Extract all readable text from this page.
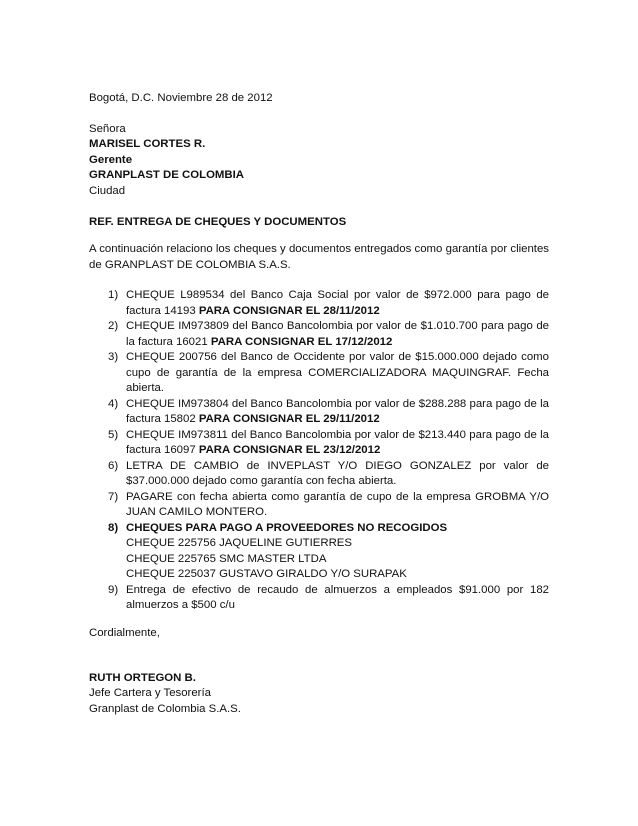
Bogotá, D.C. Noviembre 28 de 2012
Señora
MARISEL CORTES R.
Gerente
GRANPLAST DE COLOMBIA
Ciudad
REF. ENTREGA DE CHEQUES Y DOCUMENTOS
A continuación relaciono los cheques y documentos entregados como garantía por clientes de GRANPLAST DE COLOMBIA S.A.S.
1) CHEQUE L989534 del Banco Caja Social por valor de $972.000 para pago de factura 14193 PARA CONSIGNAR EL 28/11/2012
2) CHEQUE IM973809 del Banco Bancolombia por valor de $1.010.700 para pago de la factura 16021 PARA CONSIGNAR EL 17/12/2012
3) CHEQUE 200756 del Banco de Occidente por valor de $15.000.000 dejado como cupo de garantía de la empresa COMERCIALIZADORA MAQUINGRAF. Fecha abierta.
4) CHEQUE IM973804 del Banco Bancolombia por valor de $288.288 para pago de la factura 15802 PARA CONSIGNAR EL 29/11/2012
5) CHEQUE IM973811 del Banco Bancolombia por valor de $213.440 para pago de la factura 16097 PARA CONSIGNAR EL 23/12/2012
6) LETRA DE CAMBIO de INVEPLAST Y/O DIEGO GONZALEZ por valor de $37.000.000 dejado como garantía con fecha abierta.
7) PAGARE con fecha abierta como garantía de cupo de la empresa GROBMA Y/O JUAN CAMILO MONTERO.
8) CHEQUES PARA PAGO A PROVEEDORES NO RECOGIDOS
CHEQUE 225756 JAQUELINE GUTIERRES
CHEQUE 225765 SMC MASTER LTDA
CHEQUE 225037 GUSTAVO GIRALDO Y/O SURAPAK
9) Entrega de efectivo de recaudo de almuerzos a empleados $91.000 por 182 almuerzos a $500 c/u
Cordialmente,
RUTH ORTEGON B.
Jefe Cartera y Tesorería
Granplast de Colombia S.A.S.
